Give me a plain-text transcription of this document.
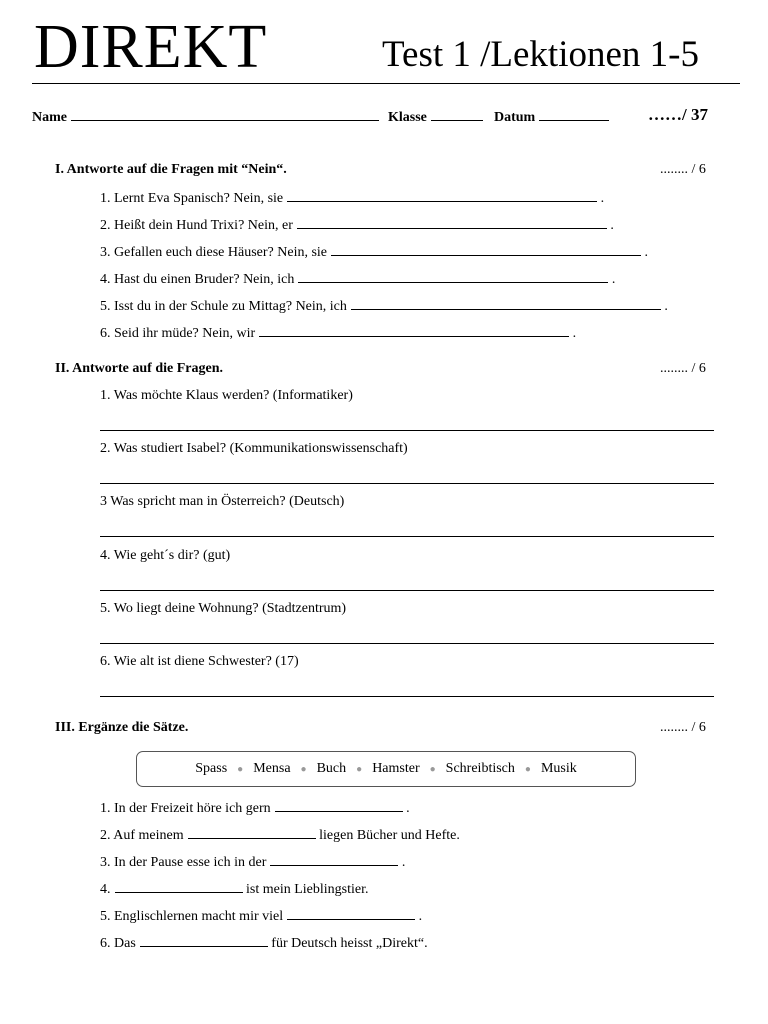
DIREKT	Test 1 /Lektionen 1-5
Name	Klasse	Datum	……/ 37
I. Antworte auf die Fragen mit “Nein“.	........ / 6
1. Lernt Eva Spanisch? Nein, sie	.
2. Heißt dein Hund Trixi? Nein, er	.
3. Gefallen euch diese Häuser? Nein, sie	.
4. Hast du einen Bruder? Nein, ich	.
5. Isst du in der Schule zu Mittag? Nein, ich	.
6. Seid ihr müde? Nein, wir	.
II. Antworte auf die Fragen.	........ / 6
1. Was möchte Klaus werden? (Informatiker)
2. Was studiert Isabel? (Kommunikationswissenschaft)
3 Was spricht man in Österreich? (Deutsch)
4. Wie geht´s dir? (gut)
5. Wo liegt deine Wohnung? (Stadtzentrum)
6. Wie alt ist diene Schwester? (17)
III. Ergänze die Sätze.	........ / 6
Spass	● Mensa	● Buch	● Hamster	● Schreibtisch	● Musik
1. In der Freizeit höre ich gern	.
2. Auf meinem	liegen Bücher und Hefte.
3. In der Pause esse ich in der	.
4.	ist mein Lieblingstier.
5. Englischlernen macht mir viel	.
6. Das	für Deutsch heisst „Direkt“.
